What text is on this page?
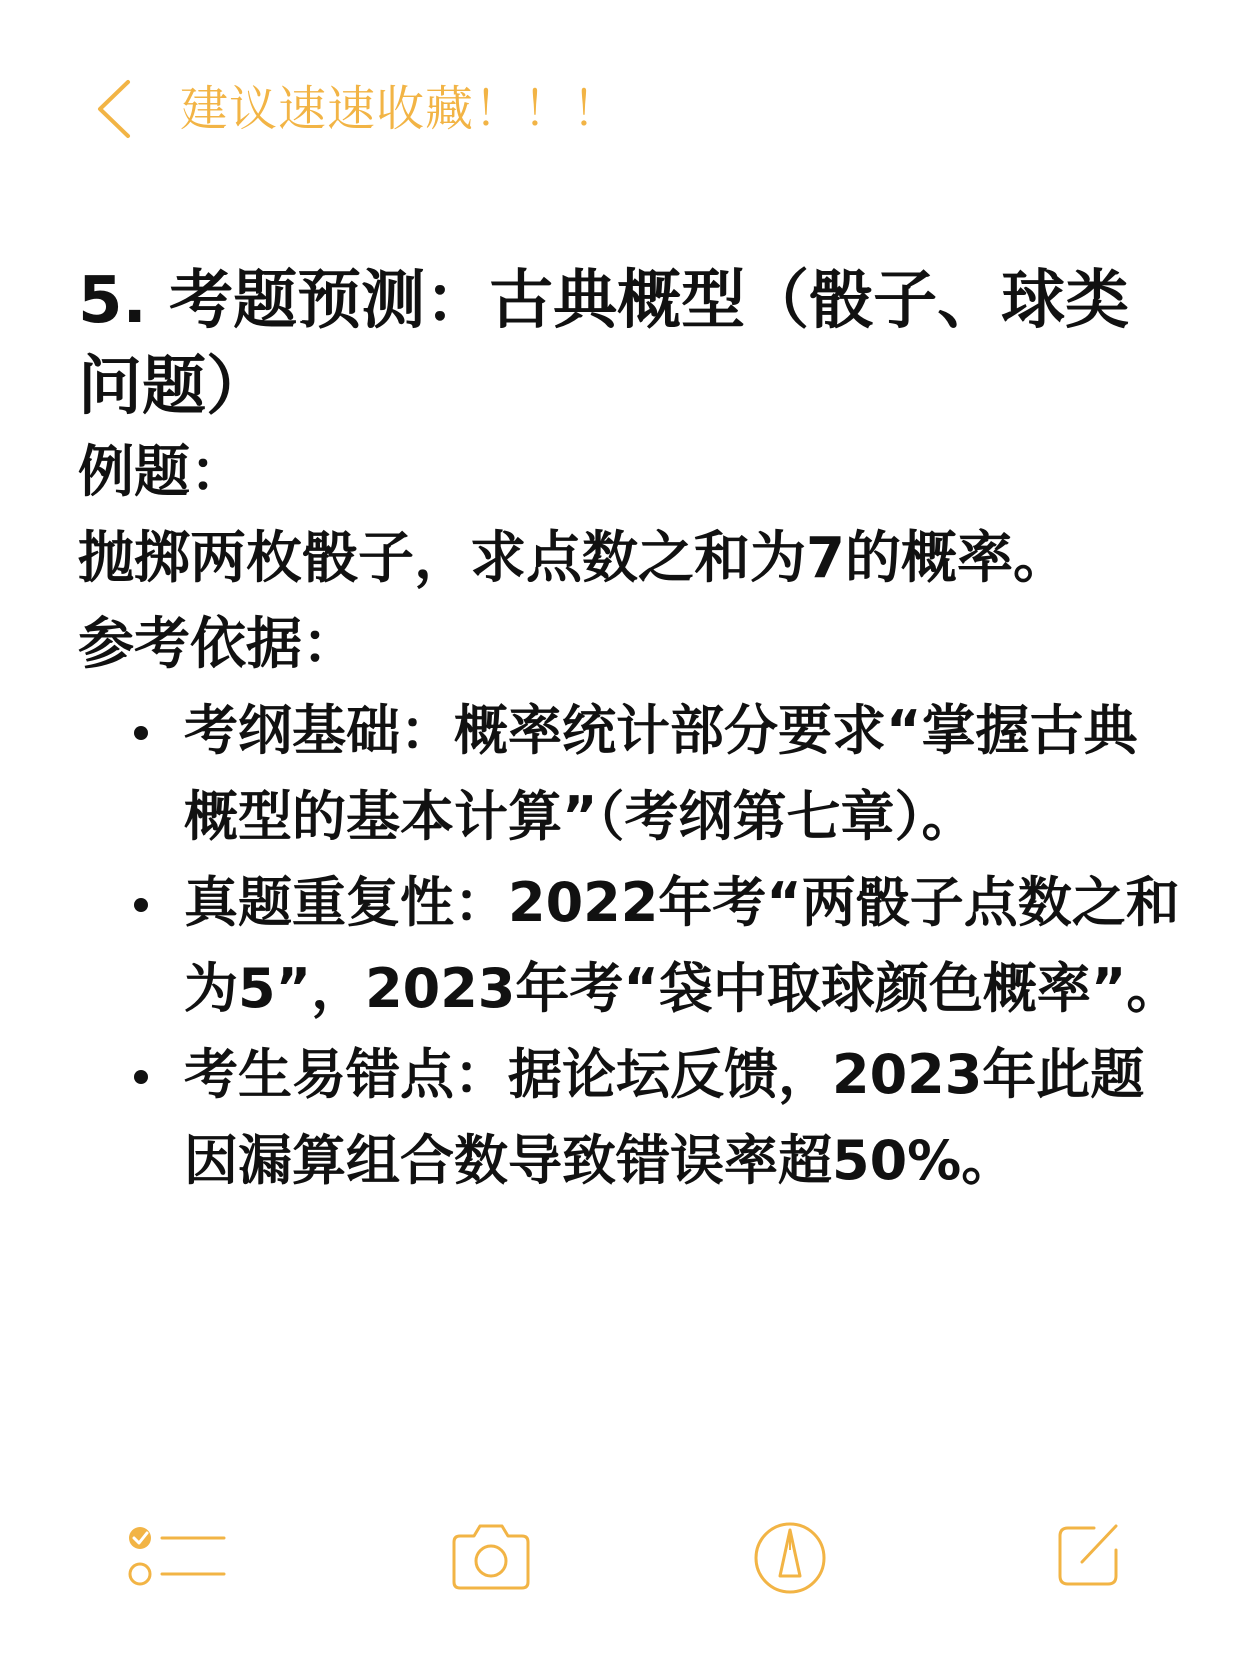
建议速速收藏！！！

5. 考题预测：古典概型（骰子、球类问题）

例题：

抛掷两枚骰子，求点数之和为7的概率。

参考依据：

考纲基础：概率统计部分要求“掌握古典概型的基本计算”（考纲第七章）。
真题重复性：2022年考“两骰子点数之和为5”，2023年考“袋中取球颜色概率”。
考生易错点：据论坛反馈，2023年此题因漏算组合数导致错误率超50%。
